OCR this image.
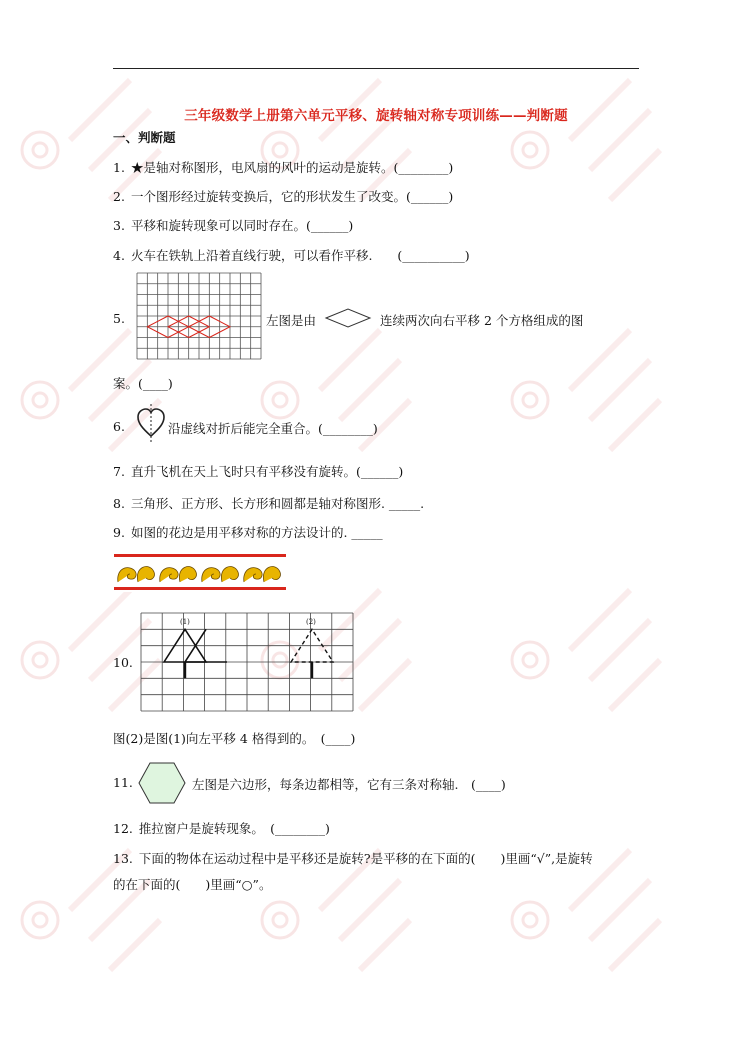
三年级数学上册第六单元平移、旋转轴对称专项训练——判断题
一、判断题
1. ★是轴对称图形，电风扇的风叶的运动是旋转。(________)
2. 一个图形经过旋转变换后，它的形状发生了改变。(______)
3. 平移和旋转现象可以同时存在。(______)
4. 火车在铁轨上沿着直线行驶，可以看作平移.　　(__________)
5.	左图是由	连续两次向右平移 2 个方格组成的图
案。(____)
6.	沿虚线对折后能完全重合。(________)
7. 直升飞机在天上飞时只有平移没有旋转。(______)
8. 三角形、正方形、长方形和圆都是轴对称图形. _____.
9. 如图的花边是用平移对称的方法设计的. _____
(1)	(2)
10.
图(2)是图(1)向左平移 4 格得到的。　(____)
11.	左图是六边形，每条边都相等，它有三条对称轴.　(____)
12. 推拉窗户是旋转现象。　(________)
13. 下面的物体在运动过程中是平移还是旋转?是平移的在下面的(　　)里画“√”,是旋转
的在下面的(　　)里画“○”。
